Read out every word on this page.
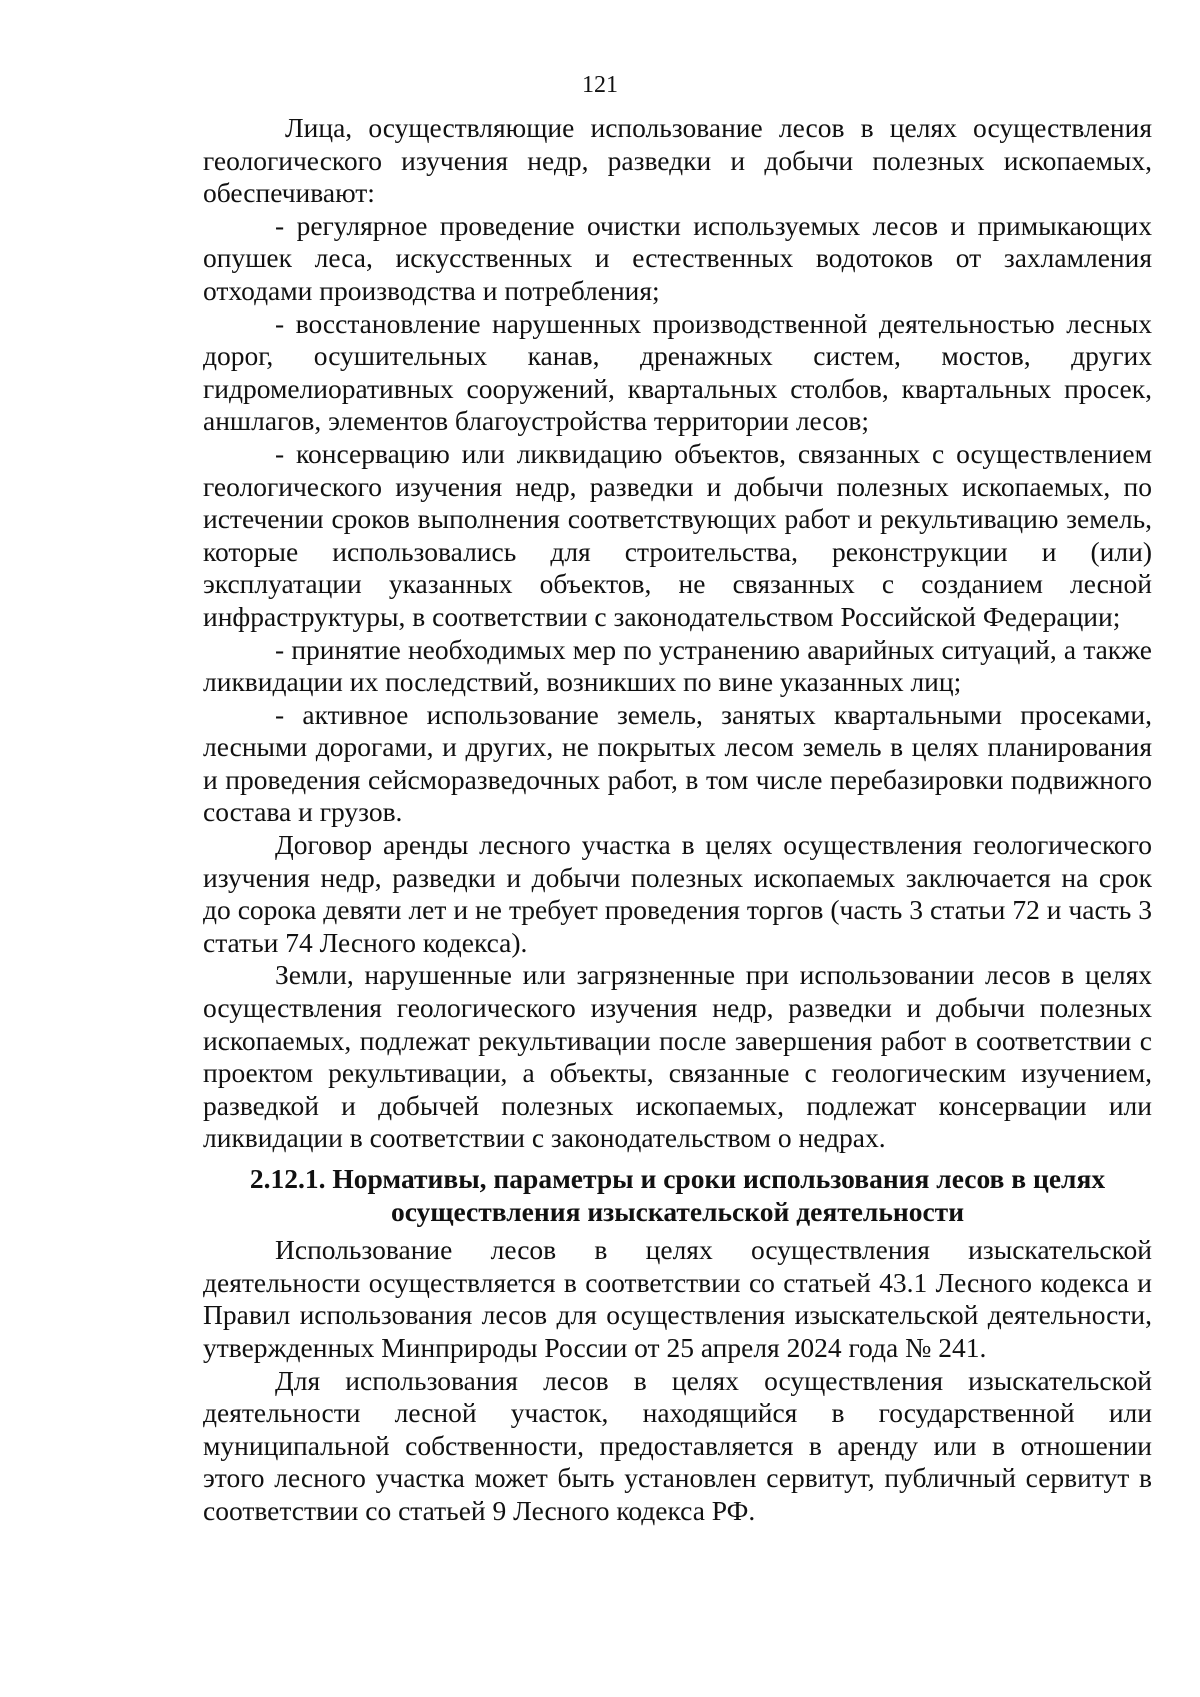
121

Лица, осуществляющие использование лесов в целях осуществления геологического изучения недр, разведки и добычи полезных ископаемых, обеспечивают:

- регулярное проведение очистки используемых лесов и примыкающих опушек леса, искусственных и естественных водотоков от захламления отходами производства и потребления;

- восстановление нарушенных производственной деятельностью лесных дорог, осушительных канав, дренажных систем, мостов, других гидромелиоративных сооружений, квартальных столбов, квартальных просек, аншлагов, элементов благоустройства территории лесов;

- консервацию или ликвидацию объектов, связанных с осуществлением геологического изучения недр, разведки и добычи полезных ископаемых, по истечении сроков выполнения соответствующих работ и рекультивацию земель, которые использовались для строительства, реконструкции и (или) эксплуатации указанных объектов, не связанных с созданием лесной инфраструктуры, в соответствии с законодательством Российской Федерации;

- принятие необходимых мер по устранению аварийных ситуаций, а также ликвидации их последствий, возникших по вине указанных лиц;

- активное использование земель, занятых квартальными просеками, лесными дорогами, и других, не покрытых лесом земель в целях планирования и проведения сейсморазведочных работ, в том числе перебазировки подвижного состава и грузов.

Договор аренды лесного участка в целях осуществления геологического изучения недр, разведки и добычи полезных ископаемых заключается на срок до сорока девяти лет и не требует проведения торгов (часть 3 статьи 72 и часть 3 статьи 74 Лесного кодекса).

Земли, нарушенные или загрязненные при использовании лесов в целях осуществления геологического изучения недр, разведки и добычи полезных ископаемых, подлежат рекультивации после завершения работ в соответствии с проектом рекультивации, а объекты, связанные с геологическим изучением, разведкой и добычей полезных ископаемых, подлежат консервации или ликвидации в соответствии с законодательством о недрах.

2.12.1. Нормативы, параметры и сроки использования лесов в целях
осуществления изыскательской деятельности

Использование лесов в целях осуществления изыскательской деятельности осуществляется в соответствии со статьей 43.1 Лесного кодекса и Правил использования лесов для осуществления изыскательской деятельности, утвержденных Минприроды России от 25 апреля 2024 года № 241.

Для использования лесов в целях осуществления изыскательской деятельности лесной участок, находящийся в государственной или муниципальной собственности, предоставляется в аренду или в отношении этого лесного участка может быть установлен сервитут, публичный сервитут в соответствии со статьей 9 Лесного кодекса РФ.
